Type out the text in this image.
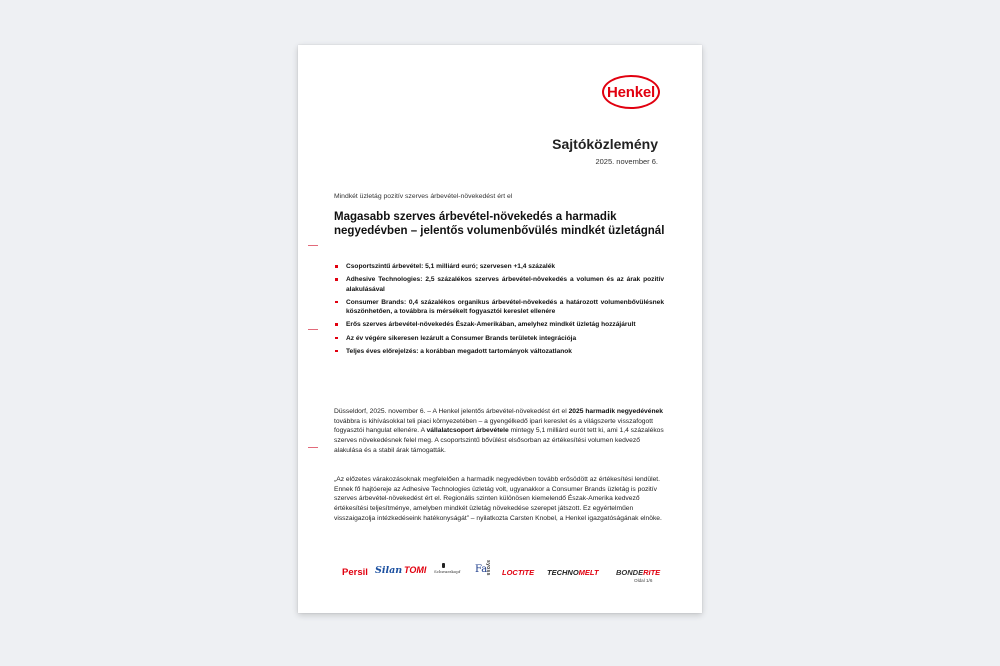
Henkel
Sajtóközlemény
2025. november 6.
Mindkét üzletág pozitív szerves árbevétel-növekedést ért el
Magasabb szerves árbevétel-növekedés a harmadik negyedévben – jelentős volumenbővülés mindkét üzletágnál
Csoportszintű árbevétel: 5,1 milliárd euró; szervesen +1,4 százalék
Adhesive Technologies: 2,5 százalékos szerves árbevétel-növekedés a volumen és az árak pozitív alakulásával
Consumer Brands: 0,4 százalékos organikus árbevétel-növekedés a határozott volumenbővülésnek köszönhetően, a továbbra is mérsékelt fogyasztói kereslet ellenére
Erős szerves árbevétel-növekedés Észak-Amerikában, amelyhez mindkét üzletág hozzájárult
Az év végére sikeresen lezárult a Consumer Brands területek integrációja
Teljes éves előrejelzés: a korábban megadott tartományok változatlanok
Düsseldorf, 2025. november 6. – A Henkel jelentős árbevétel-növekedést ért el 2025 harmadik negyedévének továbbra is kihívásokkal teli piaci környezetében – a gyengélkedő ipari kereslet és a világszerte visszafogott fogyasztói hangulat ellenére. A vállalatcsoport árbevétele mintegy 5,1 milliárd eurót tett ki, ami 1,4 százalékos szerves növekedésnek felel meg. A csoportszintű bővülést elsősorban az értékesítési volumen kedvező alakulása és a stabil árak támogatták.
„Az előzetes várakozásoknak megfelelően a harmadik negyedévben tovább erősödött az értékesítési lendület. Ennek fő hajtóereje az Adhesive Technologies üzletág volt, ugyanakkor a Consumer Brands üzletág is pozitív szerves árbevétel-növekedést ért el. Regionális szinten különösen kiemelendő Észak-Amerika kedvező értékesítési teljesítménye, amelyben mindkét üzletág növekedése szerepet játszott. Ez egyértelműen visszaigazolja intézkedéseink hatékonyságát” – nyilatkozta Carsten Knobel, a Henkel igazgatóságának elnöke.
Persil Silan TOMI Schwarzkopf Fa
syoss LOCTITE TECHNOMELT BONDERITE
Oldal 1/6
